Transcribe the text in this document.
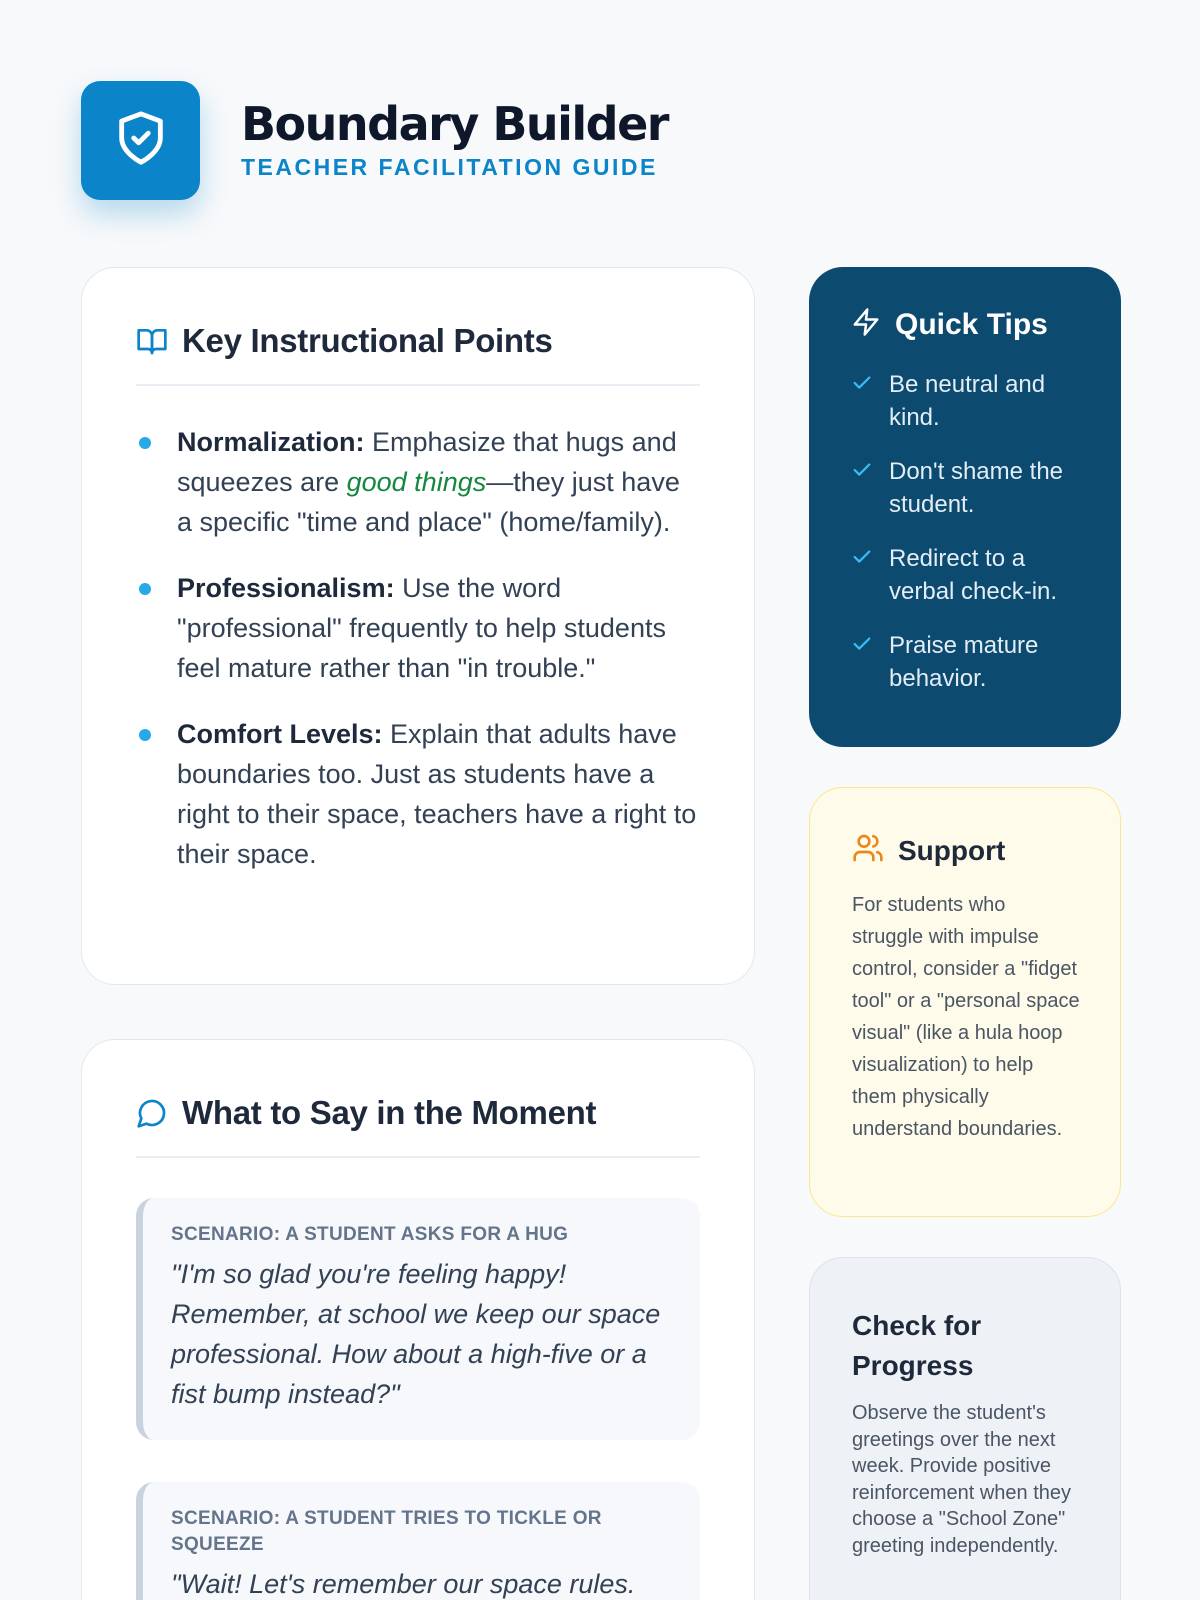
Boundary Builder
TEACHER FACILITATION GUIDE
Key Instructional Points
Normalization: Emphasize that hugs and squeezes are good things—they just have a specific "time and place" (home/family).
Professionalism: Use the word "professional" frequently to help students feel mature rather than "in trouble."
Comfort Levels: Explain that adults have boundaries too. Just as students have a right to their space, teachers have a right to their space.
What to Say in the Moment
SCENARIO: A STUDENT ASKS FOR A HUG
"I'm so glad you're feeling happy! Remember, at school we keep our space professional. How about a high-five or a fist bump instead?"
SCENARIO: A STUDENT TRIES TO TICKLE OR SQUEEZE
"Wait! Let's remember our space rules.
Quick Tips
Be neutral and kind.
Don't shame the student.
Redirect to a verbal check-in.
Praise mature behavior.
Support

For students who struggle with impulse control, consider a "fidget tool" or a "personal space visual" (like a hula hoop visualization) to help them physically understand boundaries.

Check for Progress

Observe the student's greetings over the next week. Provide positive reinforcement when they choose a "School Zone" greeting independently.
